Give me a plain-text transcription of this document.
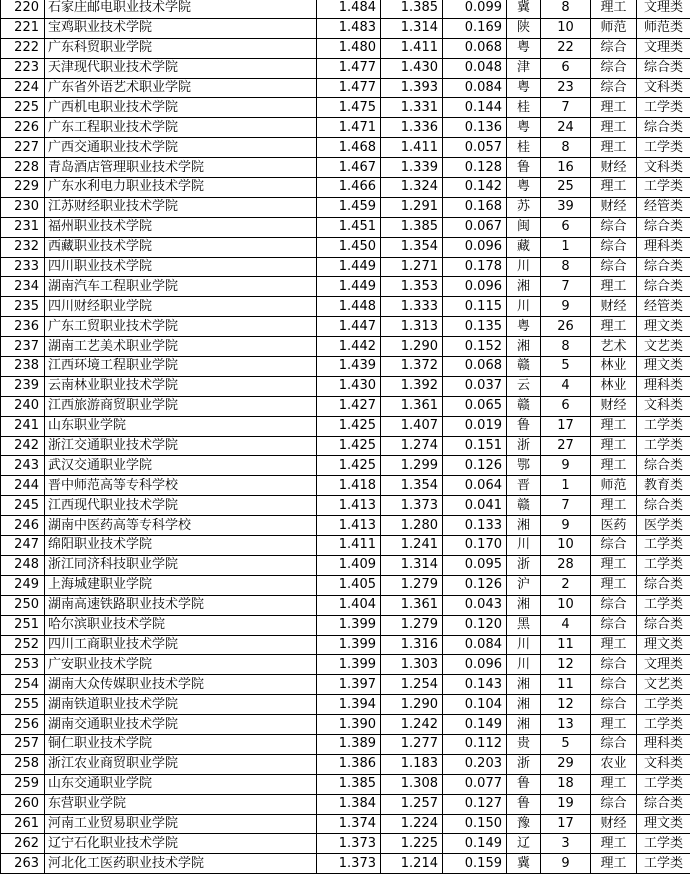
220	石家庄邮电职业技术学院	1.484	1.385	0.099	冀	8	理工	文理类
221	宝鸡职业技术学院	1.483	1.314	0.169	陕	10	师范	师范类
222	广东科贸职业学院	1.480	1.411	0.068	粤	22	综合	文理类
223	天津现代职业技术学院	1.477	1.430	0.048	津	6	综合	综合类
224	广东省外语艺术职业学院	1.477	1.393	0.084	粤	23	综合	文科类
225	广西机电职业技术学院	1.475	1.331	0.144	桂	7	理工	工学类
226	广东工程职业技术学院	1.471	1.336	0.136	粤	24	理工	综合类
227	广西交通职业技术学院	1.468	1.411	0.057	桂	8	理工	工学类
228	青岛酒店管理职业技术学院	1.467	1.339	0.128	鲁	16	财经	文科类
229	广东水利电力职业技术学院	1.466	1.324	0.142	粤	25	理工	工学类
230	江苏财经职业技术学院	1.459	1.291	0.168	苏	39	财经	经管类
231	福州职业技术学院	1.451	1.385	0.067	闽	6	综合	综合类
232	西藏职业技术学院	1.450	1.354	0.096	藏	1	综合	理科类
233	四川职业技术学院	1.449	1.271	0.178	川	8	综合	综合类
234	湖南汽车工程职业学院	1.449	1.353	0.096	湘	7	理工	综合类
235	四川财经职业学院	1.448	1.333	0.115	川	9	财经	经管类
236	广东工贸职业技术学院	1.447	1.313	0.135	粤	26	理工	理文类
237	湖南工艺美术职业学院	1.442	1.290	0.152	湘	8	艺术	文艺类
238	江西环境工程职业学院	1.439	1.372	0.068	赣	5	林业	理文类
239	云南林业职业技术学院	1.430	1.392	0.037	云	4	林业	理科类
240	江西旅游商贸职业学院	1.427	1.361	0.065	赣	6	财经	文科类
241	山东职业学院	1.425	1.407	0.019	鲁	17	理工	工学类
242	浙江交通职业技术学院	1.425	1.274	0.151	浙	27	理工	工学类
243	武汉交通职业学院	1.425	1.299	0.126	鄂	9	理工	综合类
244	晋中师范高等专科学校	1.418	1.354	0.064	晋	1	师范	教育类
245	江西现代职业技术学院	1.413	1.373	0.041	赣	7	理工	综合类
246	湖南中医药高等专科学校	1.413	1.280	0.133	湘	9	医药	医学类
247	绵阳职业技术学院	1.411	1.241	0.170	川	10	综合	工学类
248	浙江同济科技职业学院	1.409	1.314	0.095	浙	28	理工	工学类
249	上海城建职业学院	1.405	1.279	0.126	沪	2	理工	综合类
250	湖南高速铁路职业技术学院	1.404	1.361	0.043	湘	10	综合	工学类
251	哈尔滨职业技术学院	1.399	1.279	0.120	黑	4	综合	综合类
252	四川工商职业技术学院	1.399	1.316	0.084	川	11	理工	理文类
253	广安职业技术学院	1.399	1.303	0.096	川	12	综合	文理类
254	湖南大众传媒职业技术学院	1.397	1.254	0.143	湘	11	综合	文艺类
255	湖南铁道职业技术学院	1.394	1.290	0.104	湘	12	综合	工学类
256	湖南交通职业技术学院	1.390	1.242	0.149	湘	13	理工	工学类
257	铜仁职业技术学院	1.389	1.277	0.112	贵	5	综合	理科类
258	浙江农业商贸职业学院	1.386	1.183	0.203	浙	29	农业	文科类
259	山东交通职业学院	1.385	1.308	0.077	鲁	18	理工	工学类
260	东营职业学院	1.384	1.257	0.127	鲁	19	综合	综合类
261	河南工业贸易职业学院	1.374	1.224	0.150	豫	17	财经	理文类
262	辽宁石化职业技术学院	1.373	1.225	0.149	辽	3	理工	工学类
263	河北化工医药职业技术学院	1.373	1.214	0.159	冀	9	理工	工学类
